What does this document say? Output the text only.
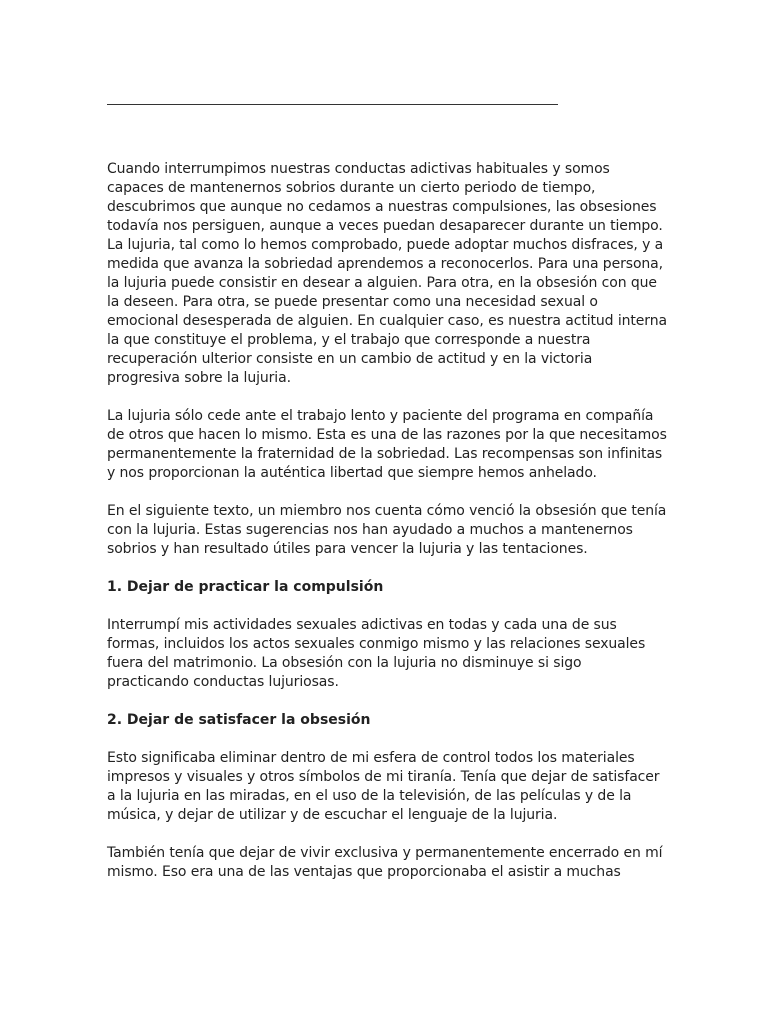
Cuando interrumpimos nuestras conductas adictivas habituales y somos capaces de mantenernos sobrios durante un cierto periodo de tiempo, descubrimos que aunque no cedamos a nuestras compulsiones, las obsesiones todavía nos persiguen, aunque a veces puedan desaparecer durante un tiempo. La lujuria, tal como lo hemos comprobado, puede adoptar muchos disfraces, y a medida que avanza la sobriedad aprendemos a reconocerlos. Para una persona, la lujuria puede consistir en desear a alguien. Para otra, en la obsesión con que la deseen. Para otra, se puede presentar como una necesidad sexual o emocional desesperada de alguien. En cualquier caso, es nuestra actitud interna la que constituye el problema, y el trabajo que corresponde a nuestra recuperación ulterior consiste en un cambio de actitud y en la victoria progresiva sobre la lujuria.

La lujuria sólo cede ante el trabajo lento y paciente del programa en compañía de otros que hacen lo mismo. Esta es una de las razones por la que necesitamos permanentemente la fraternidad de la sobriedad. Las recompensas son infinitas y nos proporcionan la auténtica libertad que siempre hemos anhelado.

En el siguiente texto, un miembro nos cuenta cómo venció la obsesión que tenía con la lujuria. Estas sugerencias nos han ayudado a muchos a mantenernos sobrios y han resultado útiles para vencer la lujuria y las tentaciones.

1. Dejar de practicar la compulsión

Interrumpí mis actividades sexuales adictivas en todas y cada una de sus formas, incluidos los actos sexuales conmigo mismo y las relaciones sexuales fuera del matrimonio. La obsesión con la lujuria no disminuye si sigo practicando conductas lujuriosas.

2. Dejar de satisfacer la obsesión

Esto significaba eliminar dentro de mi esfera de control todos los materiales impresos y visuales y otros símbolos de mi tiranía. Tenía que dejar de satisfacer a la lujuria en las miradas, en el uso de la televisión, de las películas y de la música, y dejar de utilizar y de escuchar el lenguaje de la lujuria.

También tenía que dejar de vivir exclusiva y permanentemente encerrado en mí mismo. Eso era una de las ventajas que proporcionaba el asistir a muchas
